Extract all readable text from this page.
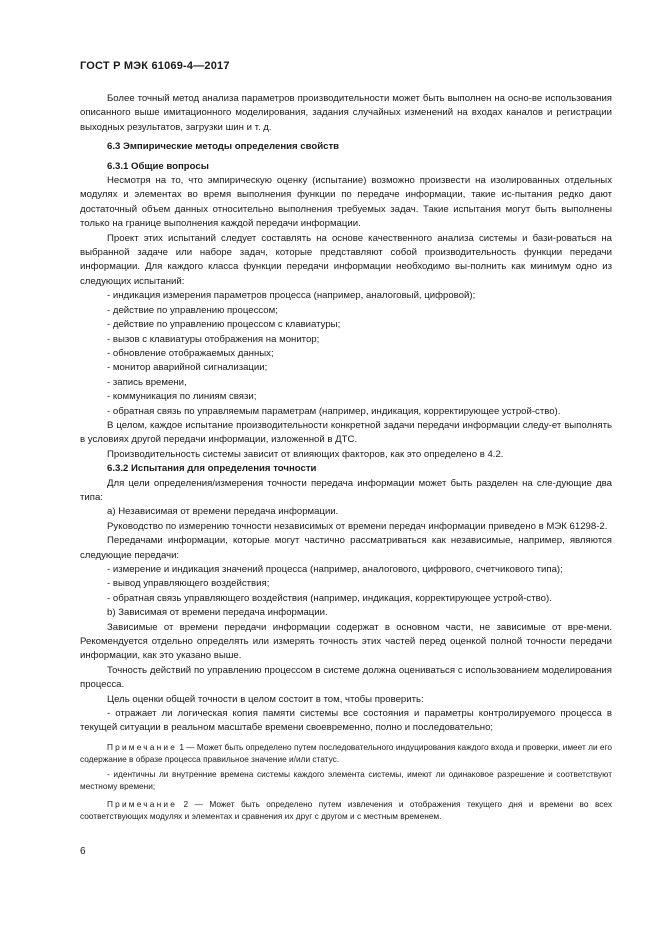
ГОСТ Р МЭК 61069-4—2017

Более точный метод анализа параметров производительности может быть выполнен на осно-ве использования описанного выше имитационного моделирования, задания случайных изменений на входах каналов и регистрации выходных результатов, загрузки шин и т. д.

6.3 Эмпирические методы определения свойств

6.3.1 Общие вопросы

Несмотря на то, что эмпирическую оценку (испытание) возможно произвести на изолированных отдельных модулях и элементах во время выполнения функции по передаче информации, такие ис-пытания редко дают достаточный объем данных относительно выполнения требуемых задач. Такие испытания могут быть выполнены только на границе выполнения каждой передачи информации.

Проект этих испытаний следует составлять на основе качественного анализа системы и бази-роваться на выбранной задаче или наборе задач, которые представляют собой производительность функции передачи информации. Для каждого класса функции передачи информации необходимо вы-полнить как минимум одно из следующих испытаний:

- индикация измерения параметров процесса (например, аналоговый, цифровой);

- действие по управлению процессом;

- действие по управлению процессом с клавиатуры;

- вызов с клавиатуры отображения на монитор;

- обновление отображаемых данных;

- монитор аварийной сигнализации;

- запись времени,

- коммуникация по линиям связи;

- обратная связь по управляемым параметрам (например, индикация, корректирующее устрой-ство).

В целом, каждое испытание производительности конкретной задачи передачи информации следу-ет выполнять в условиях другой передачи информации, изложенной в ДТС.

Производительность системы зависит от влияющих факторов, как это определено в 4.2.

6.3.2 Испытания для определения точности

Для цели определения/измерения точности передача информации может быть разделен на сле-дующие два типа:

а) Независимая от времени передача информации.

Руководство по измерению точности независимых от времени передач информации приведено в МЭК 61298-2.

Передачами информации, которые могут частично рассматриваться как независимые, например, являются следующие передачи:

- измерение и индикация значений процесса (например, аналогового, цифрового, счетчикового типа);

- вывод управляющего воздействия;

- обратная связь управляющего воздействия (например, индикация, корректирующее устрой-ство).

b) Зависимая от времени передача информации.

Зависимые от времени передачи информации содержат в основном части, не зависимые от вре-мени. Рекомендуется отдельно определять или измерять точность этих частей перед оценкой полной точности передачи информации, как это указано выше.

Точность действий по управлению процессом в системе должна оцениваться с использованием моделирования процесса.

Цель оценки общей точности в целом состоит в том, чтобы проверить:

- отражает ли логическая копия памяти системы все состояния и параметры контролируемого процесса в текущей ситуации в реальном масштабе времени своевременно, полно и последовательно;

Примечание 1 — Может быть определено путем последовательного индуцирования каждого входа и проверки, имеет ли его содержание в образе процесса правильное значение и/или статус.

- идентичны ли внутренние времена системы каждого элемента системы, имеют ли одинаковое разрешение и соответствуют местному времени;

Примечание 2 — Может быть определено путем извлечения и отображения текущего дня и времени во всех соответствующих модулях и элементах и сравнения их друг с другом и с местным временем.

6
